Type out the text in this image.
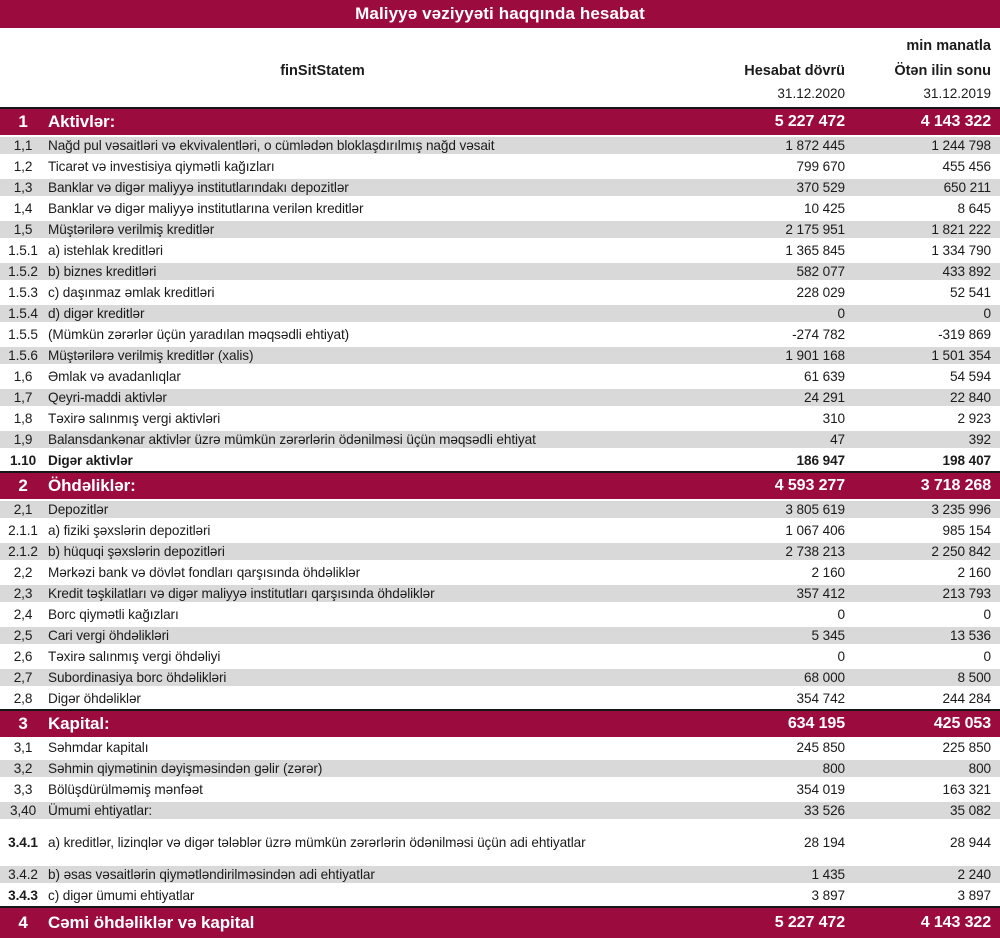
Maliyyə vəziyyəti haqqında hesabat
min manatla
finSitStatem	Hesabat dövrü	Ötən ilin sonu
31.12.2020	31.12.2019
1	Aktivlər:	5 227 472	4 143 322
1,1	Nağd pul vəsaitləri və ekvivalentləri, o cümlədən bloklaşdırılmış nağd vəsait	1 872 445	1 244 798
1,2	Ticarət və investisiya qiymətli kağızları	799 670	455 456
1,3	Banklar və digər maliyyə institutlarındakı depozitlər	370 529	650 211
1,4	Banklar və digər maliyyə institutlarına verilən kreditlər	10 425	8 645
1,5	Müştərilərə verilmiş kreditlər	2 175 951	1 821 222
1.5.1 a) istehlak kreditləri	1 365 845	1 334 790
1.5.2 b) biznes kreditləri	582 077	433 892
1.5.3 c) daşınmaz əmlak kreditləri	228 029	52 541
1.5.4 d) digər kreditlər	0	0
1.5.5 (Mümkün zərərlər üçün yaradılan məqsədli ehtiyat)	-274 782	-319 869
1.5.6 Müştərilərə verilmiş kreditlər (xalis)	1 901 168	1 501 354
1,6	Əmlak və avadanlıqlar	61 639	54 594
1,7	Qeyri-maddi aktivlər	24 291	22 840
1,8	Təxirə salınmış vergi aktivləri	310	2 923
1,9	Balansdankənar aktivlər üzrə mümkün zərərlərin ödənilməsi üçün məqsədli ehtiyat	47	392
1.10 Digər aktivlər	186 947	198 407
2	Öhdəliklər:	4 593 277	3 718 268
2,1	Depozitlər	3 805 619	3 235 996
2.1.1 a) fiziki şəxslərin depozitləri	1 067 406	985 154
2.1.2 b) hüquqi şəxslərin depozitləri	2 738 213	2 250 842
2,2	Mərkəzi bank və dövlət fondları qarşısında öhdəliklər	2 160	2 160
2,3	Kredit təşkilatları və digər maliyyə institutları qarşısında öhdəliklər	357 412	213 793
2,4	Borc qiymətli kağızları	0	0
2,5	Cari vergi öhdəlikləri	5 345	13 536
2,6	Təxirə salınmış vergi öhdəliyi	0	0
2,7	Subordinasiya borc öhdəlikləri	68 000	8 500
2,8	Digər öhdəliklər	354 742	244 284
3	Kapital:	634 195	425 053
3,1	Səhmdar kapitalı	245 850	225 850
3,2	Səhmin qiymətinin dəyişməsindən gəlir (zərər)	800	800
3,3	Bölüşdürülməmiş mənfəət	354 019	163 321
3,40 Ümumi ehtiyatlar:	33 526	35 082
3.4.1 a) kreditlər, lizinqlər və digər tələblər üzrə mümkün zərərlərin ödənilməsi üçün adi ehtiyatlar	28 194	28 944
3.4.2 b) əsas vəsaitlərin qiymətləndirilməsindən adi ehtiyatlar	1 435	2 240
3.4.3 c) digər ümumi ehtiyatlar	3 897	3 897
4	Cəmi öhdəliklər və kapital	5 227 472	4 143 322
